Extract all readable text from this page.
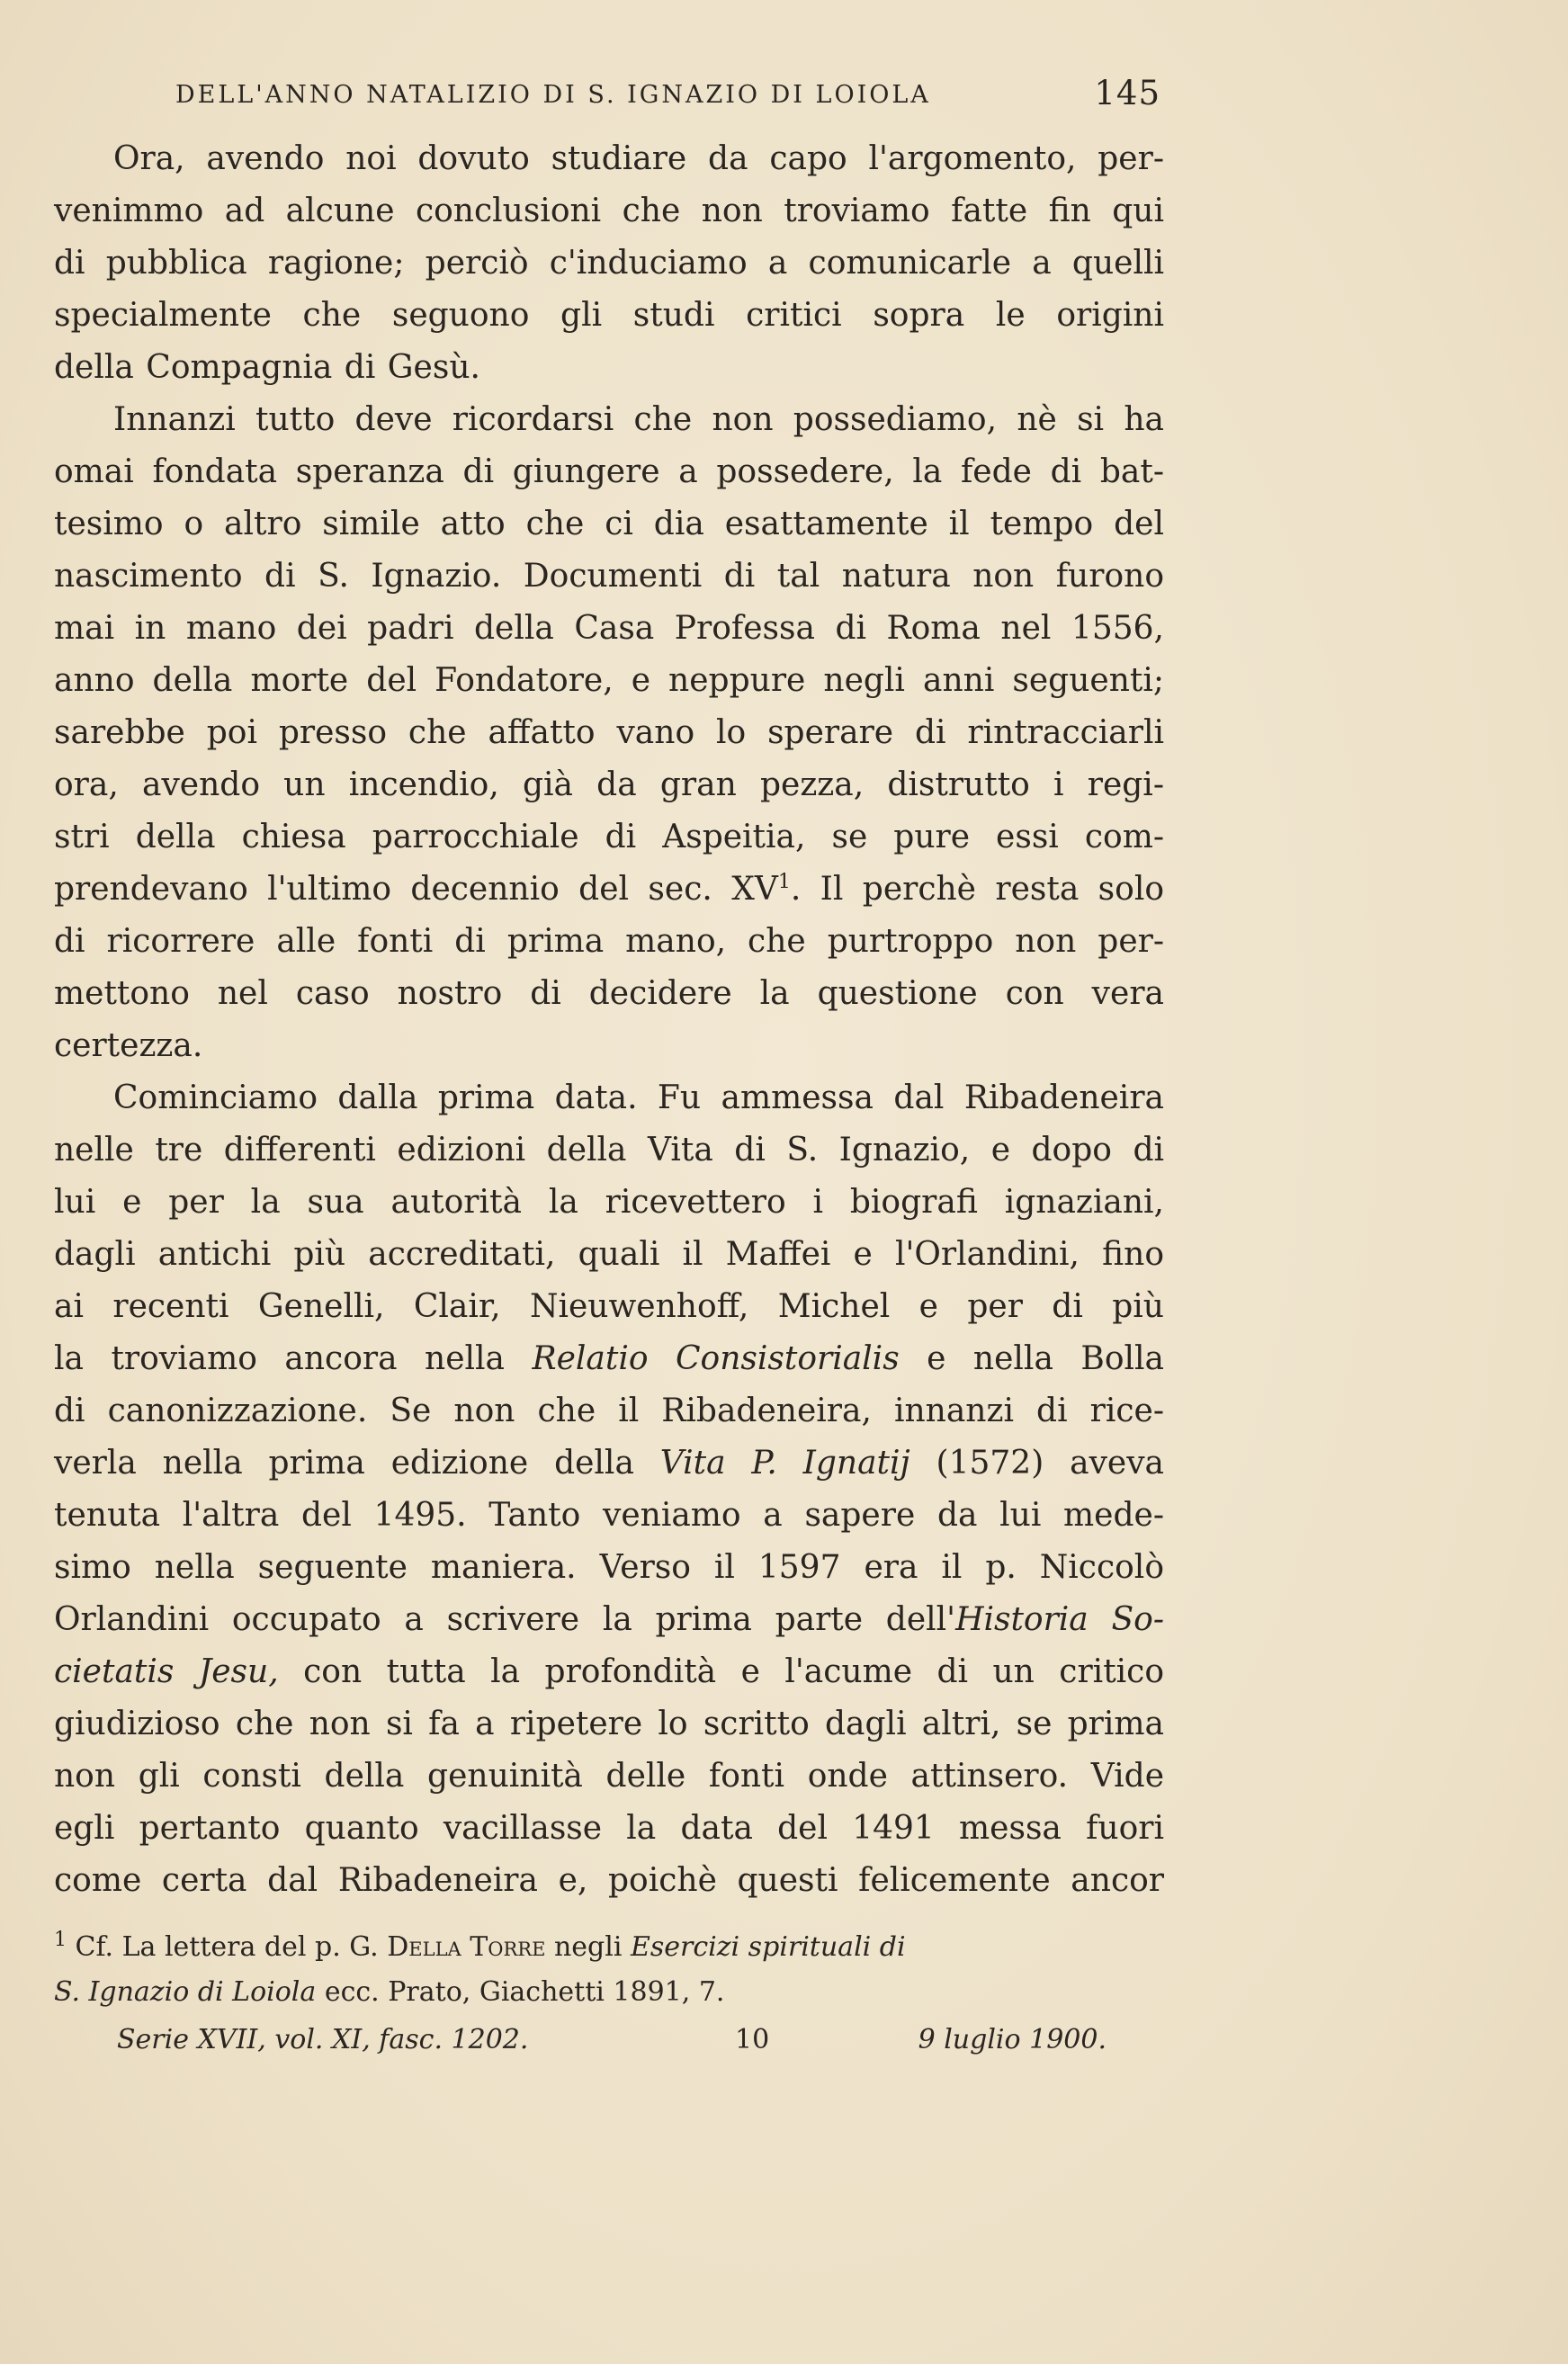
DELL'ANNO NATALIZIO DI S. IGNAZIO DI LOIOLA	145

Ora, avendo noi dovuto studiare da capo l'argomento, per-
venimmo ad alcune conclusioni che non troviamo fatte fin qui
di pubblica ragione; perciò c'induciamo a comunicarle a quelli
specialmente che seguono gli studi critici sopra le origini
della Compagnia di Gesù.

Innanzi tutto deve ricordarsi che non possediamo, nè si ha
omai fondata speranza di giungere a possedere, la fede di bat-
tesimo o altro simile atto che ci dia esattamente il tempo del
nascimento di S. Ignazio. Documenti di tal natura non furono
mai in mano dei padri della Casa Professa di Roma nel 1556,
anno della morte del Fondatore, e neppure negli anni seguenti;
sarebbe poi presso che affatto vano lo sperare di rintracciarli
ora, avendo un incendio, già da gran pezza, distrutto i regi-
stri della chiesa parrocchiale di Aspeitia, se pure essi com-
prendevano l'ultimo decennio del sec. $XV^1$. Il perchè resta solo
di ricorrere alle fonti di prima mano, che purtroppo non per-
mettono nel caso nostro di decidere la questione con vera
certezza.

Cominciamo dalla prima data. Fu ammessa dal Ribadeneira
nelle tre differenti edizioni della Vita di S. Ignazio, e dopo di
lui e per la sua autorità la ricevettero i biografi ignaziani,
dagli antichi più accreditati, quali il Maffei e l'Orlandini, fino
ai recenti Genelli, Clair, Nieuwenhoff, Michel e per di più
la troviamo ancora nella Relatio Consistorialis e nella Bolla
di canonizzazione. Se non che il Ribadeneira, innanzi di rice-
verla nella prima edizione della Vita P. Ignatij (1572) aveva
tenuta l'altra del 1495. Tanto veniamo a sapere da lui mede-
simo nella seguente maniera. Verso il 1597 era il p. Niccolò
Orlandini occupato a scrivere la prima parte dell'Historia So-
cietatis Jesu, con tutta la profondità e l'acume di un critico
giudizioso che non si fa a ripetere lo scritto dagli altri, se prima
non gli consti della genuinità delle fonti onde attinsero. Vide
egli pertanto quanto vacillasse la data del 1491 messa fuori
come certa dal Ribadeneira e, poichè questi felicemente ancor

$^1$ Cf. La lettera del p. G. Della Torre negli Esercizi spirituali di
S. Ignazio di Loiola ecc. Prato, Giachetti 1891, 7.
Serie XVII, vol. XI, fasc. 1202.	10	9 luglio 1900.
